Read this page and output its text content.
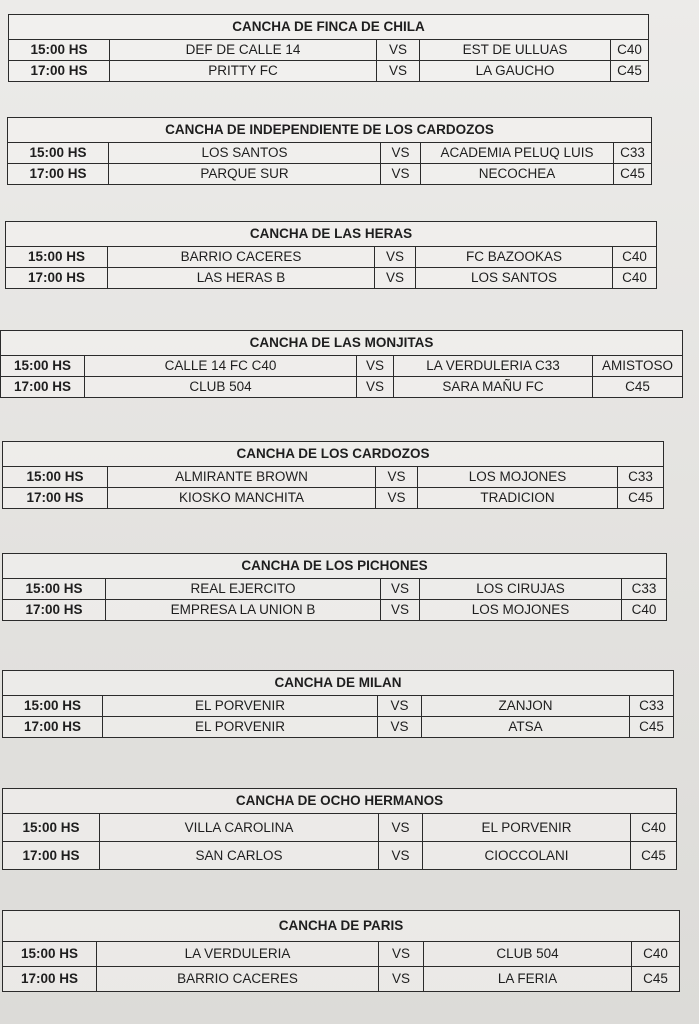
CANCHA DE FINCA DE CHILA				
15:00 HS	DEF DE CALLE 14	VS	EST DE ULLUAS	C40
17:00 HS	PRITTY FC	VS	LA GAUCHO	C45
CANCHA DE INDEPENDIENTE DE LOS CARDOZOS				
15:00 HS	LOS SANTOS	VS	ACADEMIA PELUQ LUIS	C33
17:00 HS	PARQUE SUR	VS	NECOCHEA	C45
CANCHA DE LAS HERAS				
15:00 HS	BARRIO CACERES	VS	FC BAZOOKAS	C40
17:00 HS	LAS HERAS B	VS	LOS SANTOS	C40
CANCHA DE LAS MONJITAS				
15:00 HS	CALLE 14 FC C40	VS	LA VERDULERIA C33	AMISTOSO
17:00 HS	CLUB 504	VS	SARA MAÑU FC	C45
CANCHA DE LOS CARDOZOS				
15:00 HS	ALMIRANTE BROWN	VS	LOS MOJONES	C33
17:00 HS	KIOSKO MANCHITA	VS	TRADICION	C45
CANCHA DE LOS PICHONES				
15:00 HS	REAL EJERCITO	VS	LOS CIRUJAS	C33
17:00 HS	EMPRESA LA UNION B	VS	LOS MOJONES	C40
CANCHA DE MILAN				
15:00 HS	EL PORVENIR	VS	ZANJON	C33
17:00 HS	EL PORVENIR	VS	ATSA	C45
CANCHA DE OCHO HERMANOS				
15:00 HS	VILLA CAROLINA	VS	EL PORVENIR	C40
17:00 HS	SAN CARLOS	VS	CIOCCOLANI	C45
CANCHA DE PARIS				
15:00 HS	LA VERDULERIA	VS	CLUB 504	C40
17:00 HS	BARRIO CACERES	VS	LA FERIA	C45
